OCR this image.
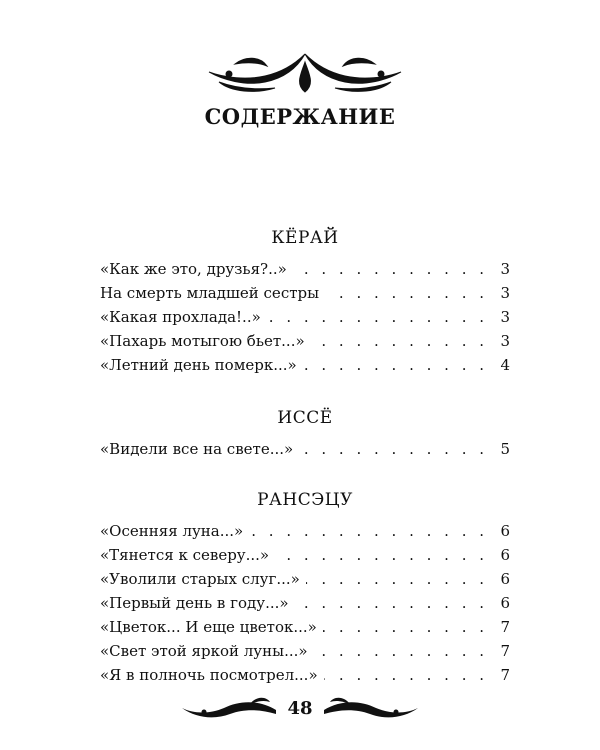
СОДЕРЖАНИЕ
КЁРАЙ
«Как же это, друзья?..» . . .	3
На смерть младшей сестры . . .	3
«Какая прохлада!..» . . .	3
«Пахарь мотыгою бьет...» . . .	3
«Летний день померк...» . . .	4
ИССЁ
«Видели все на свете...» . . .	5
РАНСЭЦУ
«Осенняя луна...» . . .	6
«Тянется к северу...» . . .	6
«Уволили старых слуг...» . . .	6
«Первый день в году...» . . .	6
«Цветок... И еще цветок...» . . .	7
«Свет этой яркой луны...» . . .	7
«Я в полночь посмотрел...» . . .	7
48
